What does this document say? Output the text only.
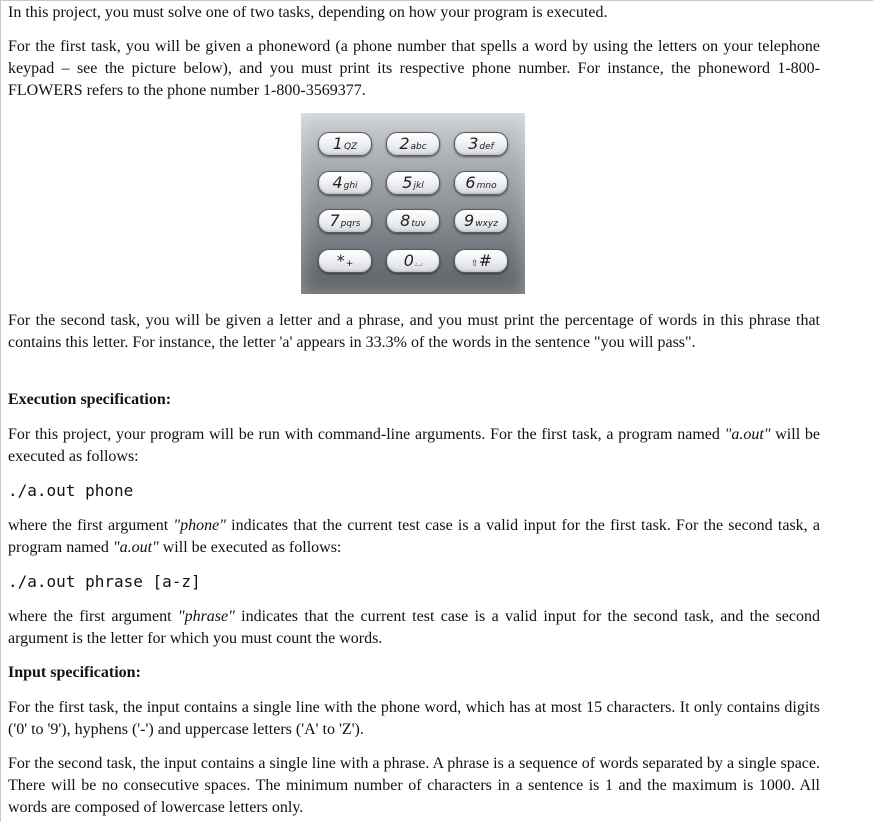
In this project, you must solve one of two tasks, depending on how your program is executed.

For the first task, you will be given a phoneword (a phone number that spells a word by using the letters on your telephone keypad – see the picture below), and you must print its respective phone number. For instance, the phoneword 1-800-FLOWERS refers to the phone number 1-800-3569377.

For the second task, you will be given a letter and a phrase, and you must print the percentage of words in this phrase that contains this letter. For instance, the letter 'a' appears in 33.3% of the words in the sentence "you will pass".

Execution specification:

For this project, your program will be run with command-line arguments. For the first task, a program named "a.out" will be executed as follows:

./a.out phone

where the first argument "phone" indicates that the current test case is a valid input for the first task. For the second task, a program named "a.out" will be executed as follows:

./a.out phrase [a-z]

where the first argument "phrase" indicates that the current test case is a valid input for the second task, and the second argument is the letter for which you must count the words.

Input specification:

For the first task, the input contains a single line with the phone word, which has at most 15 characters. It only contains digits ('0' to '9'), hyphens ('-') and uppercase letters ('A' to 'Z').

For the second task, the input contains a single line with a phrase. A phrase is a sequence of words separated by a single space. There will be no consecutive spaces. The minimum number of characters in a sentence is 1 and the maximum is 1000. All words are composed of lowercase letters only.

1QZ	2abc	3def
4ghi	5jkl	6mno
7pqrs	8tuv	9wxyz
*+	0⌴	⇧#
